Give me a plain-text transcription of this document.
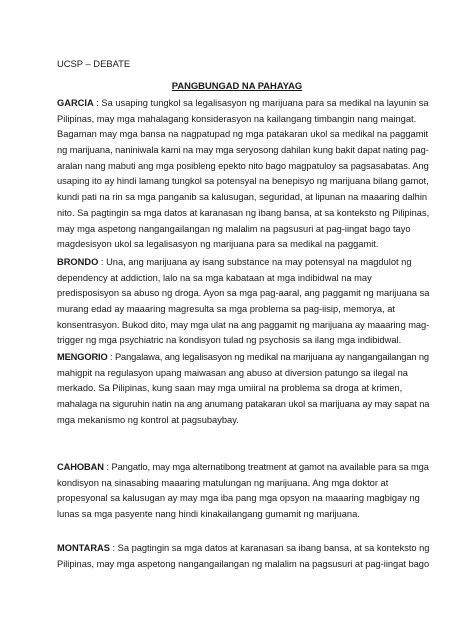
UCSP – DEBATE
PANGBUNGAD NA PAHAYAG
GARCIA : Sa usaping tungkol sa legalisasyon ng marijuana para sa medikal na layunin sa
Pilipinas, may mga mahalagang konsiderasyon na kailangang timbangin nang maingat.
Bagaman may mga bansa na nagpatupad ng mga patakaran ukol sa medikal na paggamit
ng marijuana, naniniwala kami na may mga seryosong dahilan kung bakit dapat nating pag-
aralan nang mabuti ang mga posibleng epekto nito bago magpatuloy sa pagsasabatas. Ang
usaping ito ay hindi lamang tungkol sa potensyal na benepisyo ng marijuana bilang gamot,
kundi pati na rin sa mga panganib sa kalusugan, seguridad, at lipunan na maaaring dalhin
nito. Sa pagtingin sa mga datos at karanasan ng ibang bansa, at sa konteksto ng Pilipinas,
may mga aspetong nangangailangan ng malalim na pagsusuri at pag-iingat bago tayo
magdesisyon ukol sa legalisasyon ng marijuana para sa medikal na paggamit.
BRONDO : Una, ang marijuana ay isang substance na may potensyal na magdulot ng
dependency at addiction, lalo na sa mga kabataan at mga indibidwal na may
predisposisyon sa abuso ng droga. Ayon sa mga pag-aaral, ang paggamit ng marijuana sa
murang edad ay maaaring magresulta sa mga problema sa pag-iisip, memorya, at
konsentrasyon. Bukod dito, may mga ulat na ang paggamit ng marijuana ay maaaring mag-
trigger ng mga psychiatric na kondisyon tulad ng psychosis sa ilang mga indibidwal.
MENGORIO : Pangalawa, ang legalisasyon ng medikal na marijuana ay nangangailangan ng
mahigpit na regulasyon upang maiwasan ang abuso at diversion patungo sa ilegal na
merkado. Sa Pilipinas, kung saan may mga umiiral na problema sa droga at krimen,
mahalaga na siguruhin natin na ang anumang patakaran ukol sa marijuana ay may sapat na
mga mekanismo ng kontrol at pagsubaybay.
CAHOBAN : Pangatlo, may mga alternatibong treatment at gamot na available para sa mga
kondisyon na sinasabing maaaring matulungan ng marijuana. Ang mga doktor at
propesyonal sa kalusugan ay may mga iba pang mga opsyon na maaaring magbigay ng
lunas sa mga pasyente nang hindi kinakailangang gumamit ng marijuana.
MONTARAS : Sa pagtingin sa mga datos at karanasan sa ibang bansa, at sa konteksto ng
Pilipinas, may mga aspetong nangangailangan ng malalim na pagsusuri at pag-iingat bago
